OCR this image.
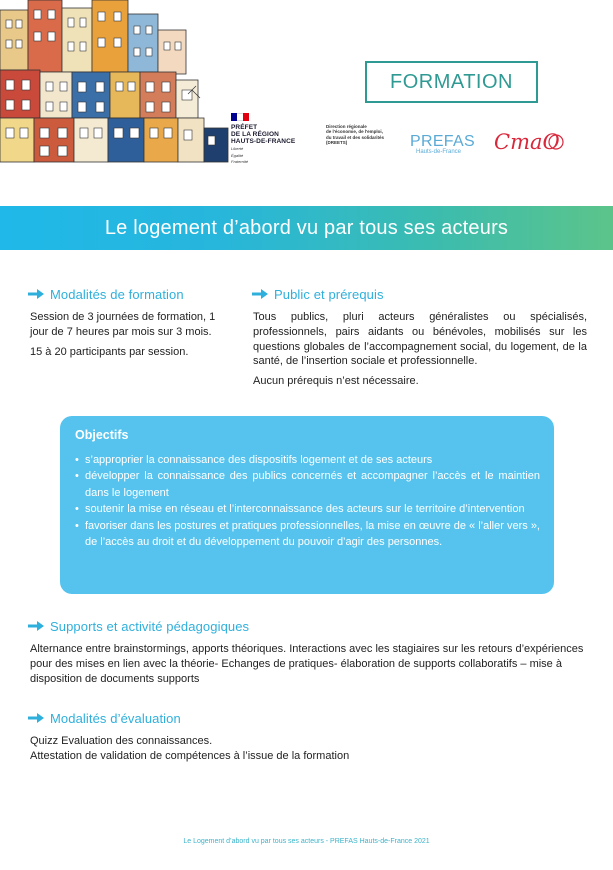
PRÉFET
DE LA RÉGION
HAUTS-DE-FRANCE
Liberté
Égalité
Fraternité
FORMATION
Direction régionale
de l'économie, de l'emploi,
du travail et des solidarités (DREETS)	PREFAS
Hauts-de-France	CmaO
Le logement d’abord vu par tous ses acteurs
Modalités de formation

Session de 3 journées de formation, 1 jour de 7 heures par mois sur 3 mois.

15 à 20 participants par session.

Public et prérequis

Tous publics, pluri acteurs généralistes ou spécialisés, professionnels, pairs aidants ou bénévoles, mobilisés sur les questions globales de l’accompagnement social, du logement, de la santé, de l’insertion sociale et professionnelle.

Aucun prérequis n’est nécessaire.

Objectifs
• s’approprier la connaissance des dispositifs logement et de ses acteurs
• développer la connaissance des publics concernés et accompagner l’accès et le maintien dans le logement
• soutenir la mise en réseau et l’interconnaissance des acteurs sur le territoire d’intervention
• favoriser dans les postures et pratiques professionnelles, la mise en œuvre de « l’aller vers », de l’accès au droit et du développement du pouvoir d’agir des personnes.
Supports et activité pédagogiques
Alternance entre brainstormings, apports théoriques. Interactions avec les stagiaires sur les retours d’expériences pour des mises en lien avec la théorie- Echanges de pratiques- élaboration de supports collaboratifs – mise à disposition de documents supports
Modalités d’évaluation

Quizz Evaluation des connaissances.

Attestation de validation de compétences à l’issue de la formation

Le Logement d’abord vu par tous ses acteurs - PREFAS Hauts-de-France 2021
